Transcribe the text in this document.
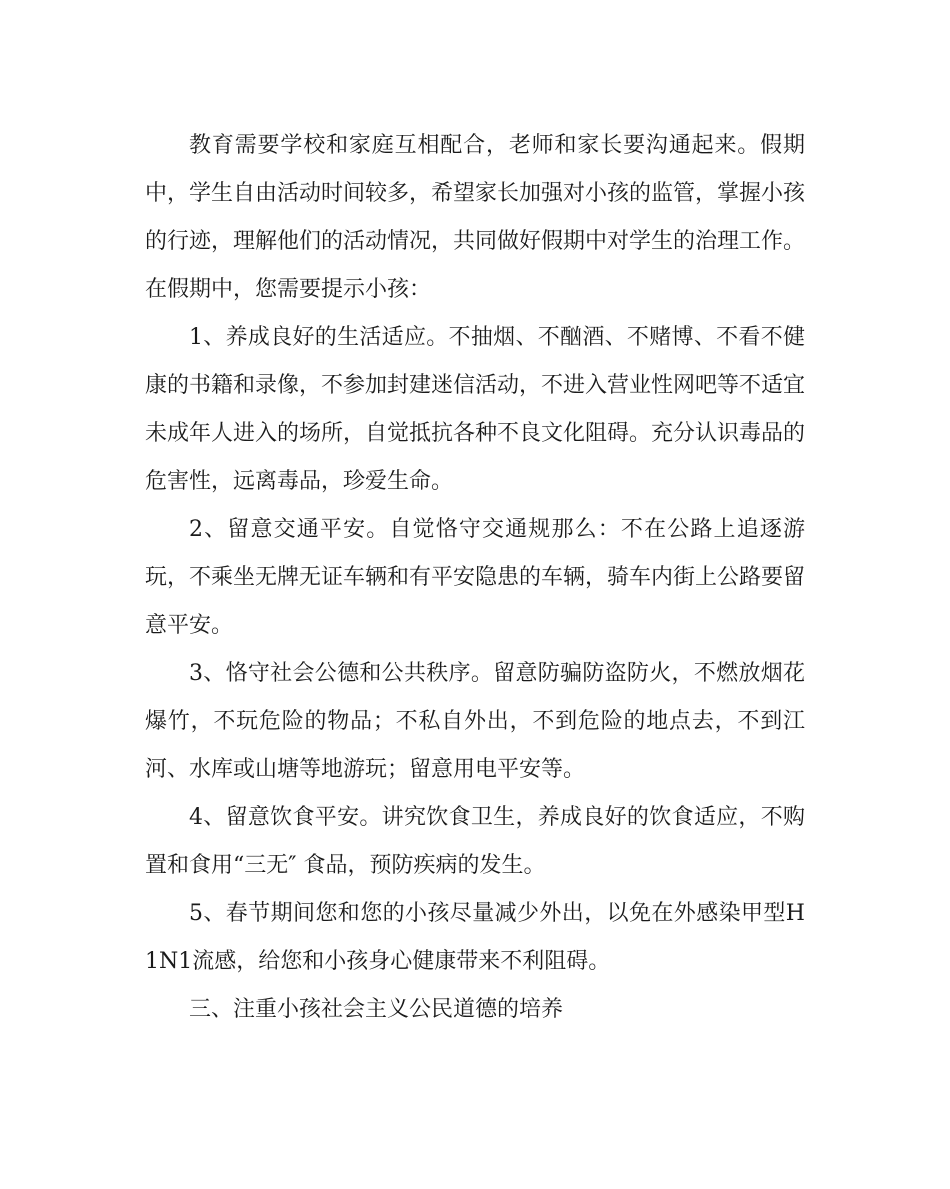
教育需要学校和家庭互相配合，老师和家长要沟通起来。假期中，学生自由活动时间较多，希望家长加强对小孩的监管，掌握小孩的行迹，理解他们的活动情况，共同做好假期中对学生的治理工作。在假期中，您需要提示小孩：

1、养成良好的生活适应。不抽烟、不酗酒、不赌博、不看不健康的书籍和录像，不参加封建迷信活动，不进入营业性网吧等不适宜未成年人进入的场所，自觉抵抗各种不良文化阻碍。充分认识毒品的危害性，远离毒品，珍爱生命。

2、留意交通平安。自觉恪守交通规那么：不在公路上追逐游玩，不乘坐无牌无证车辆和有平安隐患的车辆，骑车内街上公路要留意平安。

3、恪守社会公德和公共秩序。留意防骗防盗防火，不燃放烟花爆竹，不玩危险的物品；不私自外出，不到危险的地点去，不到江河、水库或山塘等地游玩；留意用电平安等。

4、留意饮食平安。讲究饮食卫生，养成良好的饮食适应，不购置和食用“三无″ 食品，预防疾病的发生。

5、春节期间您和您的小孩尽量减少外出，以免在外感染甲型H1N1流感，给您和小孩身心健康带来不利阻碍。

三、注重小孩社会主义公民道德的培养
